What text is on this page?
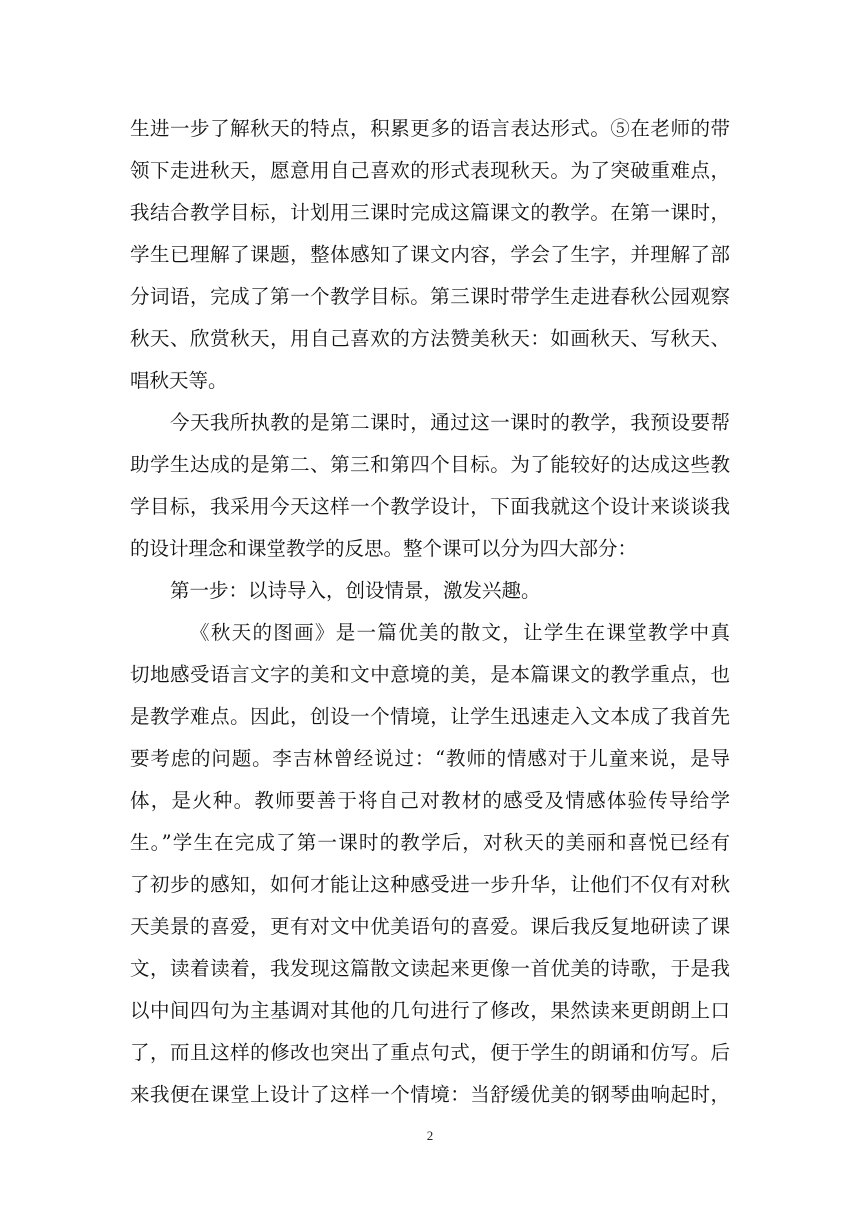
生进一步了解秋天的特点，积累更多的语言表达形式。⑤在老师的带
领下走进秋天，愿意用自己喜欢的形式表现秋天。为了突破重难点，
我结合教学目标，计划用三课时完成这篇课文的教学。在第一课时，
学生已理解了课题，整体感知了课文内容，学会了生字，并理解了部
分词语，完成了第一个教学目标。第三课时带学生走进春秋公园观察
秋天、欣赏秋天，用自己喜欢的方法赞美秋天：如画秋天、写秋天、
唱秋天等。
今天我所执教的是第二课时，通过这一课时的教学，我预设要帮
助学生达成的是第二、第三和第四个目标。为了能较好的达成这些教
学目标，我采用今天这样一个教学设计，下面我就这个设计来谈谈我
的设计理念和课堂教学的反思。整个课可以分为四大部分：
第一步：以诗导入，创设情景，激发兴趣。
《秋天的图画》是一篇优美的散文，让学生在课堂教学中真
切地感受语言文字的美和文中意境的美，是本篇课文的教学重点，也
是教学难点。因此，创设一个情境，让学生迅速走入文本成了我首先
要考虑的问题。李吉林曾经说过：“教师的情感对于儿童来说，是导
体，是火种。教师要善于将自己对教材的感受及情感体验传导给学
生。”学生在完成了第一课时的教学后，对秋天的美丽和喜悦已经有
了初步的感知，如何才能让这种感受进一步升华，让他们不仅有对秋
天美景的喜爱，更有对文中优美语句的喜爱。课后我反复地研读了课
文，读着读着，我发现这篇散文读起来更像一首优美的诗歌，于是我
以中间四句为主基调对其他的几句进行了修改，果然读来更朗朗上口
了，而且这样的修改也突出了重点句式，便于学生的朗诵和仿写。后
来我便在课堂上设计了这样一个情境：当舒缓优美的钢琴曲响起时，
2
